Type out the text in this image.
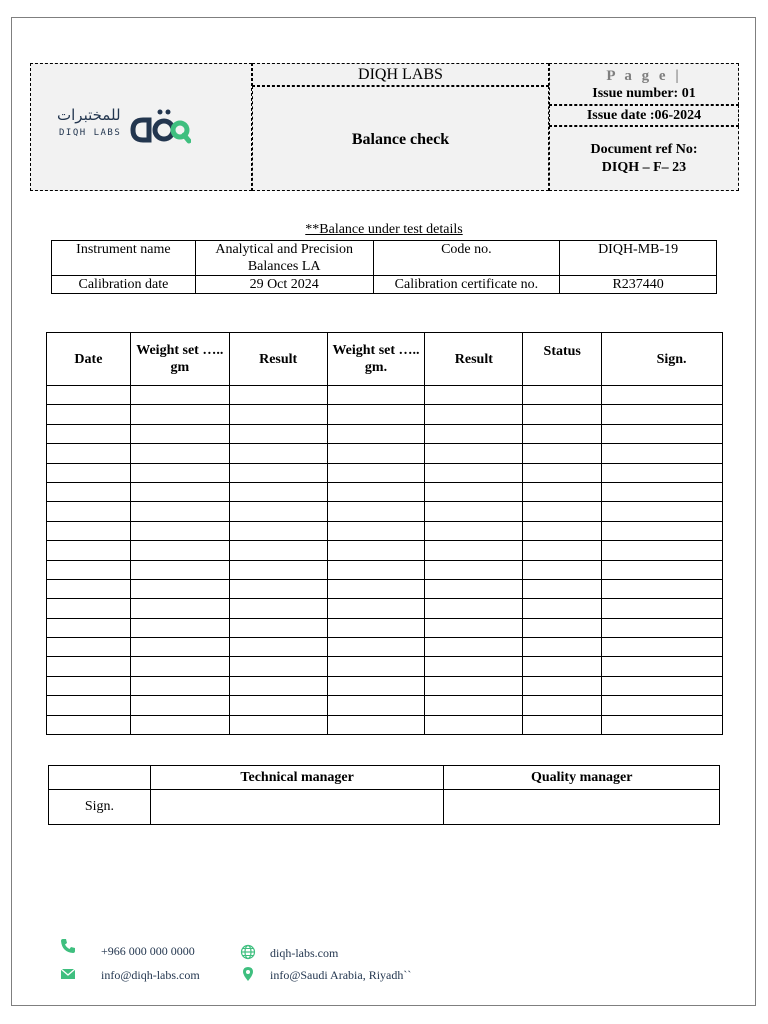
للمختبرات
DIQH LABS
DIQH LABS
Balance check
P a g e |
Issue number: 01
Issue date :06-2024
Document ref No:
DIQH – F– 23
**Balance under test details
Instrument name	Analytical and Precision Balances LA	Code no.	DIQH-MB-19
Calibration date	29 Oct 2024	Calibration certificate no.	R237440
Date	Weight set ….. gm	Result	Weight set ….. gm.	Result	Status	Sign.

	Technical manager	Quality manager
Sign.		
+966 000 000 0000	diqh-labs.com
info@diqh-labs.com	info@Saudi Arabia, Riyadh``
